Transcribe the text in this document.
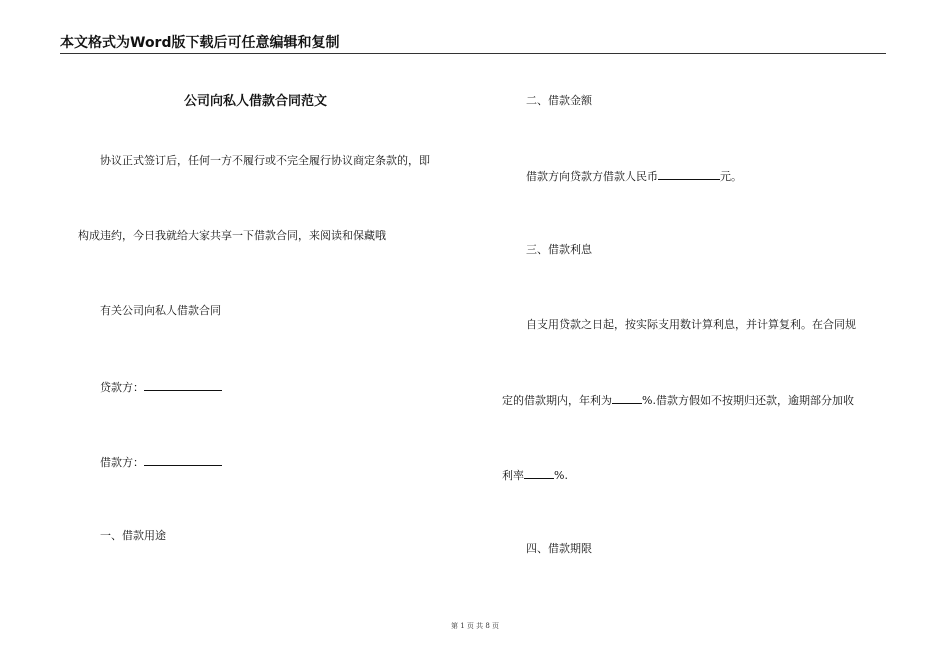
本文格式为Word版下载后可任意编辑和复制
公司向私人借款合同范文
协议正式签订后，任何一方不履行或不完全履行协议商定条款的，即
构成违约，今日我就给大家共享一下借款合同，来阅读和保藏哦
有关公司向私人借款合同
贷款方：
借款方：
一、借款用途
二、借款金额
借款方向贷款方借款人民币	元。
三、借款利息
自支用贷款之日起，按实际支用数计算利息，并计算复利。在合同规
定的借款期内，年利为	%.借款方假如不按期归还款，逾期部分加收
利率	%.
四、借款期限
第 1 页 共 8 页
